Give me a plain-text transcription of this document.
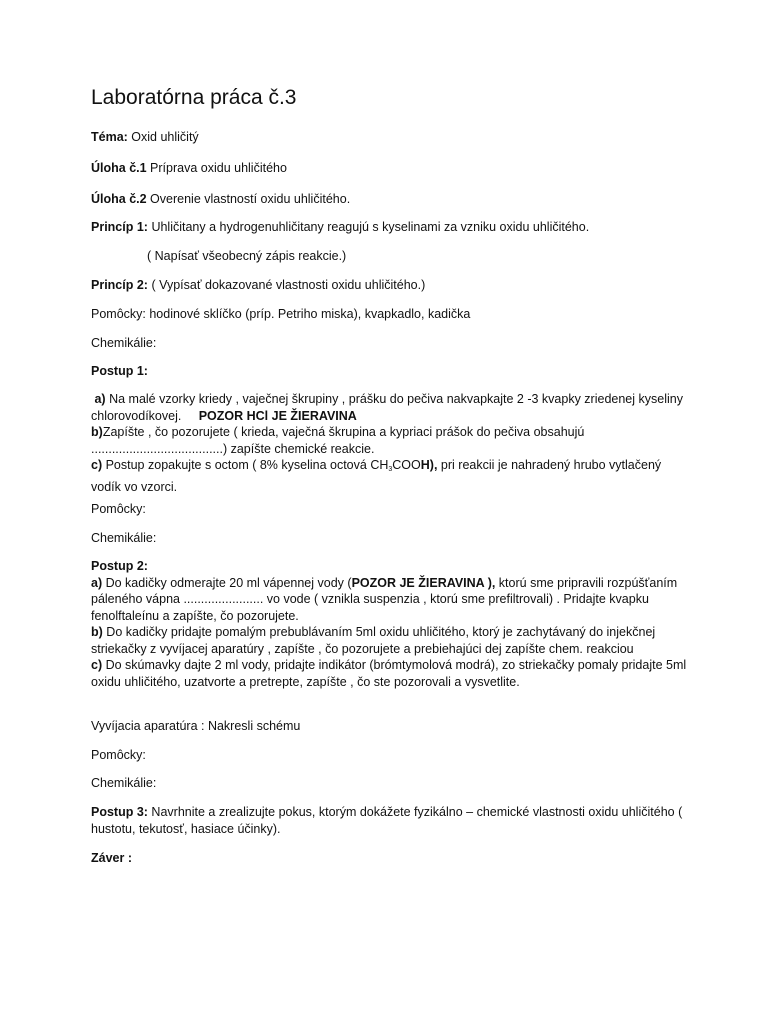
Laboratórna práca č.3

Téma: Oxid uhličitý

Úloha č.1 Príprava oxidu uhličitého

Úloha č.2 Overenie vlastností oxidu uhličitého.

Princíp 1: Uhličitany a hydrogenuhličitany reagujú s kyselinami za vzniku oxidu uhličitého.

( Napísať všeobecný zápis reakcie.)

Princíp 2: ( Vypísať dokazované vlastnosti oxidu uhličitého.)

Pomôcky: hodinové sklíčko (príp. Petriho miska), kvapkadlo, kadička

Chemikálie:

Postup 1:

a) Na malé vzorky kriedy , vaječnej škrupiny , prášku do pečiva nakvapkajte 2 -3 kvapky zriedenej kyseliny chlorovodíkovej. POZOR HCl JE ŽIERAVINA
b)Zapíšte , čo pozorujete ( krieda, vaječná škrupina a kypriaci prášok do pečiva obsahujú ......................................) zapíšte chemické reakcie.
c) Postup zopakujte s octom ( 8% kyselina octová $CH_3COOH$), pri reakcii je nahradený hrubo vytlačený vodík vo vzorci.

Pomôcky:

Chemikálie:

Postup 2:
a) Do kadičky odmerajte 20 ml vápennej vody (POZOR JE ŽIERAVINA ), ktorú sme pripravili rozpúšťaním páleného vápna ....................... vo vode ( vznikla suspenzia , ktorú sme prefiltrovali) . Pridajte kvapku fenolftaleínu a zapíšte, čo pozorujete.
b) Do kadičky pridajte pomalým prebublávaním 5ml oxidu uhličitého, ktorý je zachytávaný do injekčnej striekačky z vyvíjacej aparatúry , zapíšte , čo pozorujete a prebiehajúci dej zapíšte chem. reakciou
c) Do skúmavky dajte 2 ml vody, pridajte indikátor (brómtymolová modrá), zo striekačky pomaly pridajte 5ml oxidu uhličitého, uzatvorte a pretrepte, zapíšte , čo ste pozorovali a vysvetlite.

Vyvíjacia aparatúra : Nakresli schému

Pomôcky:

Chemikálie:

Postup 3: Navrhnite a zrealizujte pokus, ktorým dokážete fyzikálno – chemické vlastnosti oxidu uhličitého ( hustotu, tekutosť, hasiace účinky).

Záver :
